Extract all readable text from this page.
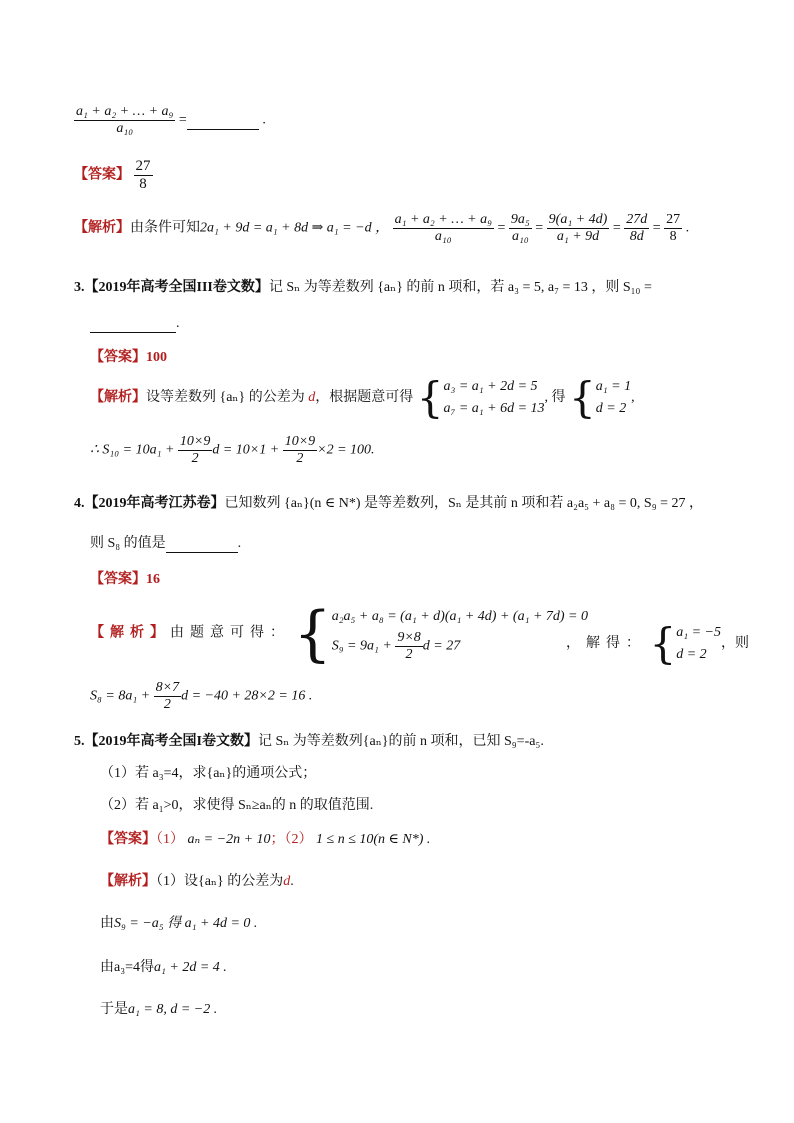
$\frac{\text{a₁ + a₂ + … + a₉}}{\text{a₁₀}}$ =	.
【答案】 $\frac{27}{8}$
【解析】由条件可知2a₁ + 9d = a₁ + 8d ⇒ a₁ = −d ， $\frac{\text{a₁ + a₂ + … + a₉}}{\text{a₁₀}} = \frac{\text{9a₅}}{\text{a₁₀}} = \frac{\text{9(a₁ + 4d)}}{\text{a₁ + 9d}} = \frac{27d}{8d} = \frac{27}{8}$ .
3.【2019年高考全国III卷文数】记 Sₙ 为等差数列 {aₙ} 的前 n 项和，若 a₃ = 5, a₇ = 13 ，则 S₁₀ =
.
【答案】100
【解析】设等差数列 {aₙ} 的公差为 d，根据题意可得 { a₃ = a₁ + 2d = 5
a₇ = a₁ + 6d = 13
, 得 { a₁ = 1
d = 2
,
∴ $S_{10} = 10a_1 + \frac{10\times 9}{2}$ $d = 10\times 1 + \frac{10\times 9}{2} \times 2 = 100$.
4.【2019年高考江苏卷】已知数列 {aₙ}(n ∈ N*) 是等差数列，Sₙ 是其前 n 项和若 a₂a₅ + a₈ = 0, S₉ = 27 ，
则 S₈ 的值是	.
【答案】16
【解析】由题意可得： { a₂a₅ + a₈ = (a₁ + d)(a₁ + 4d) + (a₁ + 7d) = 0
$S_9 = 9a_1 + \frac{9\times 8}{2}$ d = 27	，解得： { a₁ = −5
d = 2
，则
$S_8 = 8a_1 + \frac{8\times 7}{2}$ d = −40 + 28×2 = 16 .
5.【2019年高考全国I卷文数】记 Sₙ 为等差数列{aₙ}的前 n 项和，已知 S₉=-a₅.
（1）若 a₃=4，求{aₙ}的通项公式；
（2）若 a₁>0，求使得 Sₙ≥aₙ的 n 的取值范围.
【答案】（1） aₙ = −2n + 10；（2） 1 ≤ n ≤ 10(n ∈ N*) .
【解析】（1）设{aₙ} 的公差为d.
由S₉ = −a₅ 得 a₁ + 4d = 0 .
由a₃=4得a₁ + 2d = 4 .
于是a₁ = 8, d = −2 .
